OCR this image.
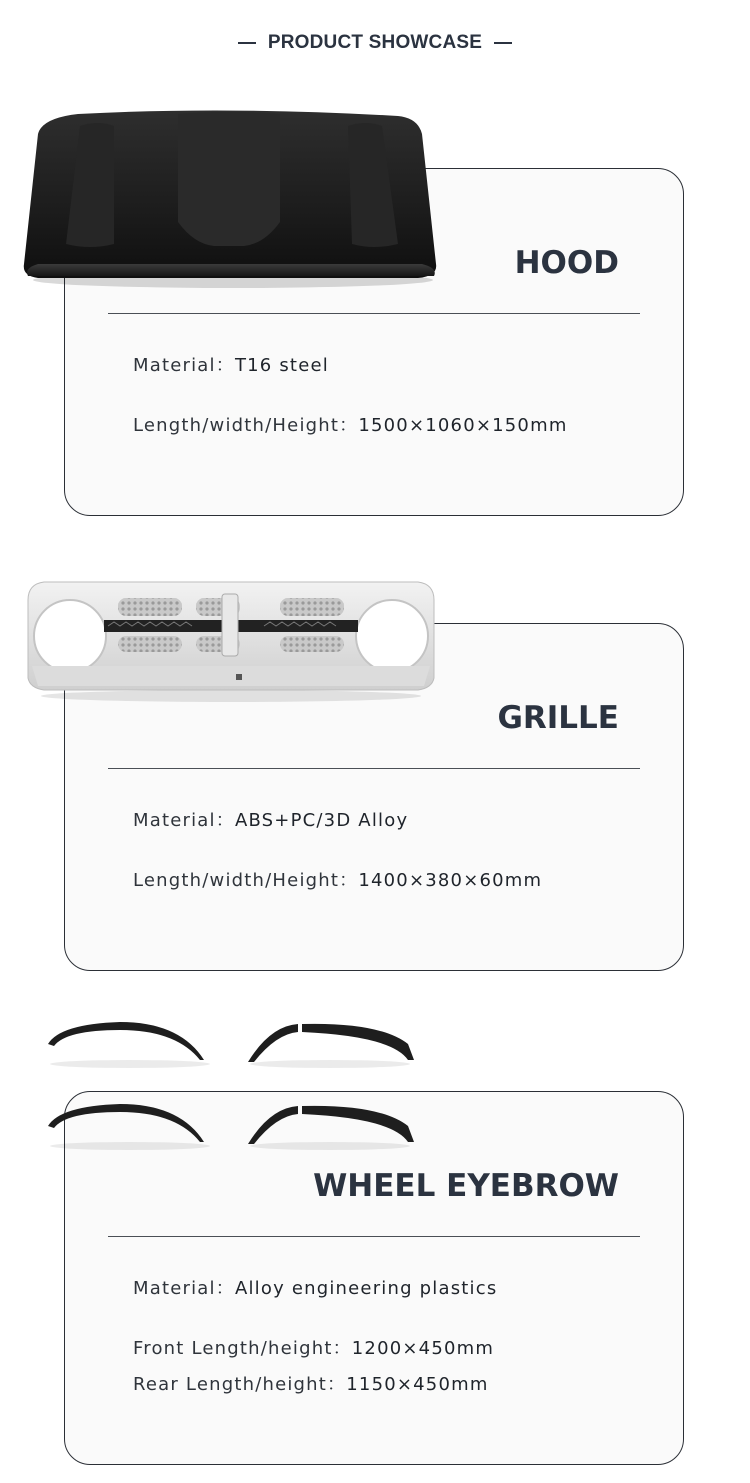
PRODUCT SHOWCASE
HOOD
Material：T16 steel
Length/width/Height：1500×1060×150mm
GRILLE
Material：ABS+PC/3D Alloy
Length/width/Height：1400×380×60mm
WHEEL EYEBROW
Material：Alloy engineering plastics
Front Length/height：1200×450mm
Rear Length/height：1150×450mm
